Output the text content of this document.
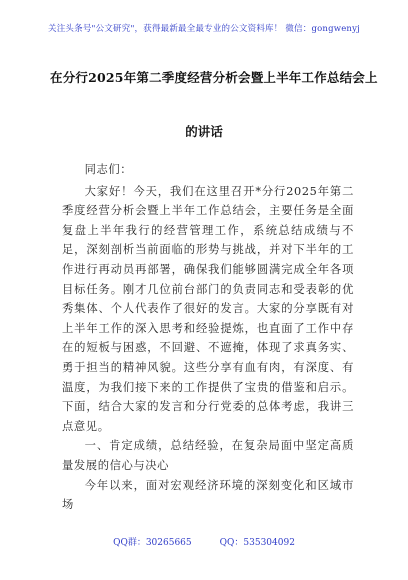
关注头条号"公文研究"，获得最新最全最专业的公文资料库！ 微信：gongwenyj
在分行2025年第二季度经营分析会暨上半年工作总结会上
的讲话

同志们：

大家好！今天，我们在这里召开*分行2025年第二季度经营分析会暨上半年工作总结会，主要任务是全面复盘上半年我行的经营管理工作，系统总结成绩与不足，深刻剖析当前面临的形势与挑战，并对下半年的工作进行再动员再部署，确保我们能够圆满完成全年各项目标任务。刚才几位前台部门的负责同志和受表彰的优秀集体、个人代表作了很好的发言。大家的分享既有对上半年工作的深入思考和经验提炼，也直面了工作中存在的短板与困惑，不回避、不遮掩，体现了求真务实、勇于担当的精神风貌。这些分享有血有肉，有深度、有温度，为我们接下来的工作提供了宝贵的借鉴和启示。下面，结合大家的发言和分行党委的总体考虑，我讲三点意见。

一、肯定成绩，总结经验，在复杂局面中坚定高质量发展的信心与决心

今年以来，面对宏观经济环境的深刻变化和区域市场

QQ群：30265665	QQ：535304092
